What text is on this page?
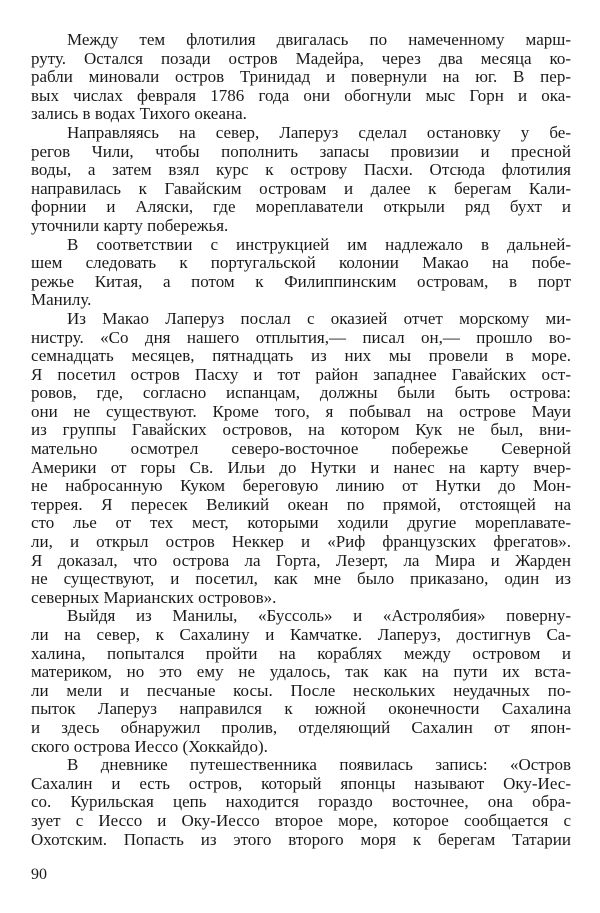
Между тем флотилия двигалась по намеченному марш-
руту. Остался позади остров Мадейра, через два месяца ко-
рабли миновали остров Тринидад и повернули на юг. В пер-
вых числах февраля 1786 года они обогнули мыс Горн и ока-
зались в водах Тихого океана.
Направляясь на север, Лаперуз сделал остановку у бе-
регов Чили, чтобы пополнить запасы провизии и пресной
воды, а затем взял курс к острову Пасхи. Отсюда флотилия
направилась к Гавайским островам и далее к берегам Кали-
форнии и Аляски, где мореплаватели открыли ряд бухт и
уточнили карту побережья.
В соответствии с инструкцией им надлежало в дальней-
шем следовать к португальской колонии Макао на побе-
режье Китая, а потом к Филиппинским островам, в порт
Манилу.
Из Макао Лаперуз послал с оказией отчет морскому ми-
нистру. «Со дня нашего отплытия,— писал он,— прошло во-
семнадцать месяцев, пятнадцать из них мы провели в море.
Я посетил остров Пасху и тот район западнее Гавайских ост-
ровов, где, согласно испанцам, должны были быть острова:
они не существуют. Кроме того, я побывал на острове Мауи
из группы Гавайских островов, на котором Кук не был, вни-
мательно осмотрел северо-восточное побережье Северной
Америки от горы Св. Ильи до Нутки и нанес на карту вчер-
не набросанную Куком береговую линию от Нутки до Мон-
террея. Я пересек Великий океан по прямой, отстоящей на
сто лье от тех мест, которыми ходили другие мореплавате-
ли, и открыл остров Неккер и «Риф французских фрегатов».
Я доказал, что острова ла Горта, Лезерт, ла Мира и Жарден
не существуют, и посетил, как мне было приказано, один из
северных Марианских островов».
Выйдя из Манилы, «Буссоль» и «Астролябия» поверну-
ли на север, к Сахалину и Камчатке. Лаперуз, достигнув Са-
халина, попытался пройти на кораблях между островом и
материком, но это ему не удалось, так как на пути их вста-
ли мели и песчаные косы. После нескольких неудачных по-
пыток Лаперуз направился к южной оконечности Сахалина
и здесь обнаружил пролив, отделяющий Сахалин от япон-
ского острова Иессо (Хоккайдо).
В дневнике путешественника появилась запись: «Остров
Сахалин и есть остров, который японцы называют Оку-Иес-
со. Курильская цепь находится гораздо восточнее, она обра-
зует с Иессо и Оку-Иессо второе море, которое сообщается с
Охотским. Попасть из этого второго моря к берегам Татарии
90
